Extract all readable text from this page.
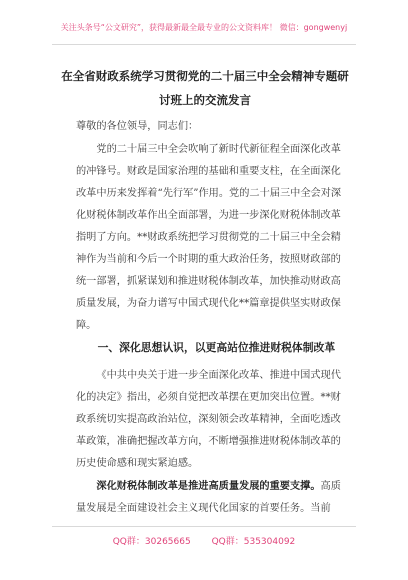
关注头条号“公文研究”，获得最新最全最专业的公文资料库！ 微信：gongwenyj
在全省财政系统学习贯彻党的二十届三中全会精神专题研讨班上的交流发言
尊敬的各位领导，同志们：
党的二十届三中全会吹响了新时代新征程全面深化改革的冲锋号。财政是国家治理的基础和重要支柱，在全面深化改革中历来发挥着“先行军”作用。党的二十届三中全会对深化财税体制改革作出全面部署，为进一步深化财税体制改革指明了方向。**财政系统把学习贯彻党的二十届三中全会精神作为当前和今后一个时期的重大政治任务，按照财政部的统一部署，抓紧谋划和推进财税体制改革，加快推动财政高质量发展，为奋力谱写中国式现代化**篇章提供坚实财政保障。
一、深化思想认识，以更高站位推进财税体制改革
《中共中央关于进一步全面深化改革、推进中国式现代化的决定》指出，必须自觉把改革摆在更加突出位置。**财政系统切实提高政治站位，深刻领会改革精神，全面吃透改革政策，准确把握改革方向，不断增强推进财税体制改革的历史使命感和现实紧迫感。
深化财税体制改革是推进高质量发展的重要支撑。高质量发展是全面建设社会主义现代化国家的首要任务。当前
QQ群：30265665 QQ群：535304092
